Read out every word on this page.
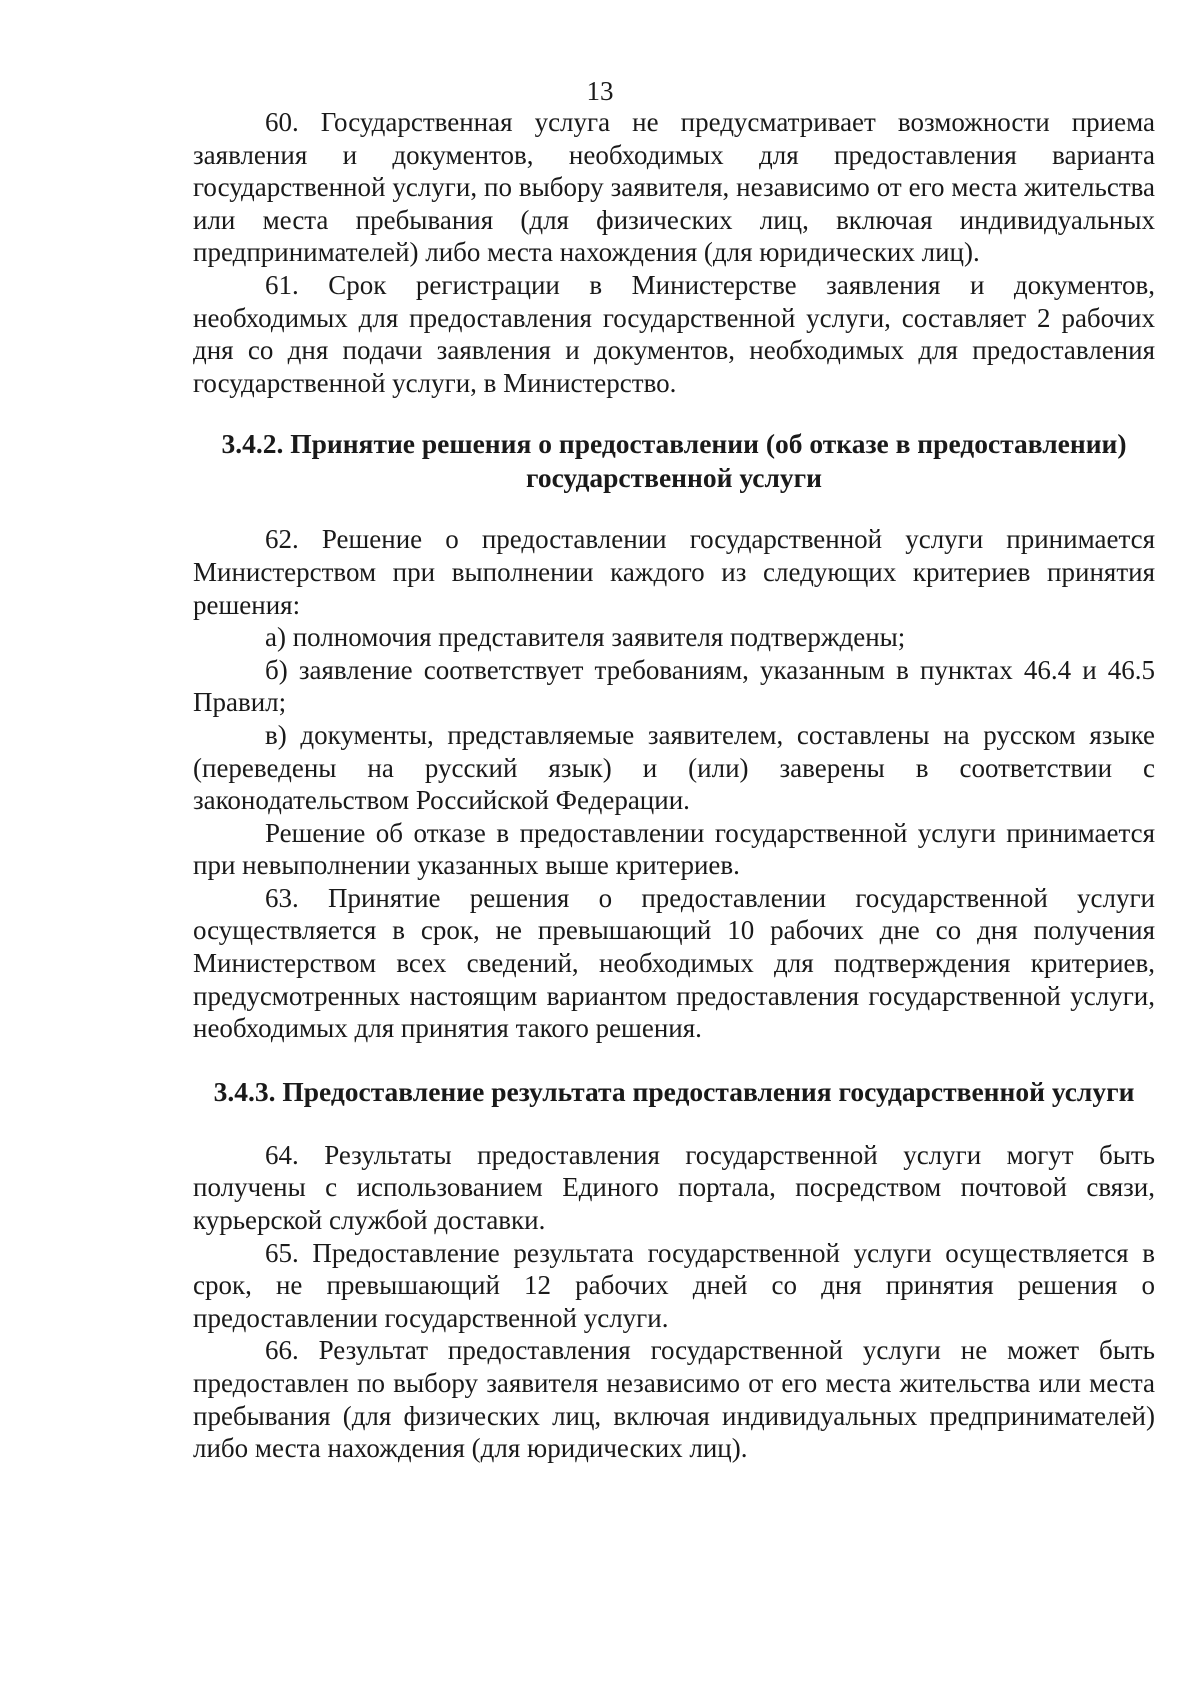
13

60. Государственная услуга не предусматривает возможности приема заявления и документов, необходимых для предоставления варианта государственной услуги, по выбору заявителя, независимо от его места жительства или места пребывания (для физических лиц, включая индивидуальных предпринимателей) либо места нахождения (для юридических лиц).

61. Срок регистрации в Министерстве заявления и документов, необходимых для предоставления государственной услуги, составляет 2 рабочих дня со дня подачи заявления и документов, необходимых для предоставления государственной услуги, в Министерство.

3.4.2. Принятие решения о предоставлении (об отказе в предоставлении)
государственной услуги

62. Решение о предоставлении государственной услуги принимается Министерством при выполнении каждого из следующих критериев принятия решения:

а) полномочия представителя заявителя подтверждены;

б) заявление соответствует требованиям, указанным в пунктах 46.4 и 46.5 Правил;

в) документы, представляемые заявителем, составлены на русском языке (переведены на русский язык) и (или) заверены в соответствии с законодательством Российской Федерации.

Решение об отказе в предоставлении государственной услуги принимается при невыполнении указанных выше критериев.

63. Принятие решения о предоставлении государственной услуги осуществляется в срок, не превышающий 10 рабочих дне со дня получения Министерством всех сведений, необходимых для подтверждения критериев, предусмотренных настоящим вариантом предоставления государственной услуги, необходимых для принятия такого решения.

3.4.3. Предоставление результата предоставления государственной услуги

64. Результаты предоставления государственной услуги могут быть получены с использованием Единого портала, посредством почтовой связи, курьерской службой доставки.

65. Предоставление результата государственной услуги осуществляется в срок, не превышающий 12 рабочих дней со дня принятия решения о предоставлении государственной услуги.

66. Результат предоставления государственной услуги не может быть предоставлен по выбору заявителя независимо от его места жительства или места пребывания (для физических лиц, включая индивидуальных предпринимателей) либо места нахождения (для юридических лиц).
